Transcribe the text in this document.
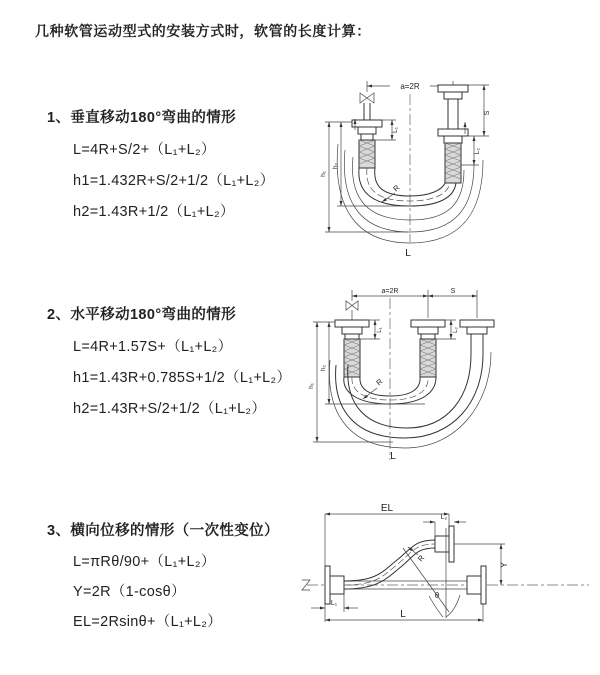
几种软管运动型式的安装方式时，软管的长度计算：
1、垂直移动180°弯曲的情形
L=4R+S/2+（L₁+L₂）
h1=1.432R+S/2+1/2（L₁+L₂）
h2=1.43R+1/2（L₁+L₂）
2、水平移动180°弯曲的情形
L=4R+1.57S+（L₁+L₂）
h1=1.43R+0.785S+1/2（L₁+L₂）
h2=1.43R+S/2+1/2（L₁+L₂）
3、横向位移的情形（一次性变位）
L=πRθ/90+（L₁+L₂）
Y=2R（1-cosθ）
EL=2Rsinθ+（L₁+L₂）
a=2R
S
L₂
L₁
h₁
h₂
R
L
a=2R	S
L₁	L₂
h₁
h₂
R
L
EL
L₂
Y
θ
R
L₁
L
